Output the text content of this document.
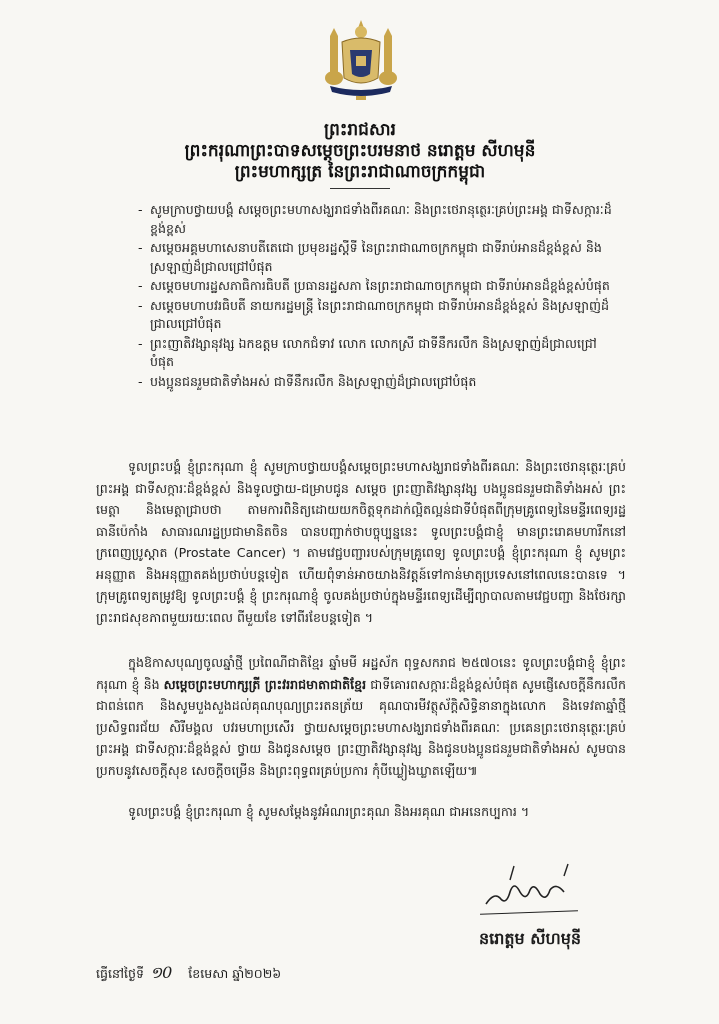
ព្រះរាជសារ
ព្រះករុណាព្រះបាទសម្តេចព្រះបរមនាថ នរោត្តម សីហមុនី
ព្រះមហាក្សត្រ នៃព្រះរាជាណាចក្រកម្ពុជា
- សូមក្រាបថ្វាយបង្គំ សម្តេចព្រះមហាសង្ឃរាជទាំងពីរគណៈ និងព្រះថេរានុត្ថេរៈគ្រប់ព្រះអង្គ ជាទីសក្ការៈដ៏ខ្ពង់ខ្ពស់
- សម្តេចអគ្គមហាសេនាបតីតេជោ ប្រមុខរដ្ឋស្តីទី នៃព្រះរាជាណាចក្រកម្ពុជា ជាទីរាប់អានដ៏ខ្ពង់ខ្ពស់ និងស្រឡាញ់ដ៏ជ្រាលជ្រៅបំផុត
- សម្តេចមហារដ្ឋសភាធិការធិបតី ប្រធានរដ្ឋសភា នៃព្រះរាជាណាចក្រកម្ពុជា ជាទីរាប់អានដ៏ខ្ពង់ខ្ពស់បំផុត
- សម្តេចមហាបវរធិបតី នាយករដ្ឋមន្ត្រី នៃព្រះរាជាណាចក្រកម្ពុជា ជាទីរាប់អានដ៏ខ្ពង់ខ្ពស់ និងស្រឡាញ់ដ៏ជ្រាលជ្រៅបំផុត
- ព្រះញាតិវង្សានុវង្ស ឯកឧត្តម លោកជំទាវ លោក លោកស្រី ជាទីនឹករលឹក និងស្រឡាញ់ដ៏ជ្រាលជ្រៅបំផុត
- បងប្អូនជនរួមជាតិទាំងអស់ ជាទីនឹករលឹក និងស្រឡាញ់ដ៏ជ្រាលជ្រៅបំផុត
ទូលព្រះបង្គំ ខ្ញុំព្រះករុណា ខ្ញុំ សូមក្រាបថ្វាយបង្គំសម្តេចព្រះមហាសង្ឃរាជទាំងពីរគណៈ និងព្រះថេរានុត្ថេរៈគ្រប់ព្រះអង្គ ជាទីសក្ការៈដ៏ខ្ពង់ខ្ពស់ និងទូលថ្វាយ-ជម្រាបជូន សម្តេច ព្រះញាតិវង្សានុវង្ស បងប្អូនជនរួមជាតិទាំងអស់ ព្រះមេត្តា និងមេត្តាជ្រាបថា តាមការពិនិត្យដោយយកចិត្តទុកដាក់ល្អិតល្អន់ជាទីបំផុតពីក្រុមគ្រូពេទ្យនៃមន្ទីរពេទ្យរដ្ឋធានីប៉េកាំង សាធារណរដ្ឋប្រជាមានិតចិន បានបញ្ជាក់ថាបច្ចុប្បន្ននេះ ទូលព្រះបង្គំជាខ្ញុំ មានព្រះរោគមហារីកនៅក្រពេញប្រូស្តាត (Prostate Cancer) ។ តាមវេជ្ជបញ្ជារបស់ក្រុមគ្រូពេទ្យ ទូលព្រះបង្គំ ខ្ញុំព្រះករុណា ខ្ញុំ សូមព្រះអនុញ្ញាត និងអនុញ្ញាតគង់ប្រថាប់បន្តទៀត ហើយពុំទាន់អាចយាងនិវត្តន៍ទៅកាន់មាតុប្រទេសនៅពេលនេះបានទេ ។ ក្រុមគ្រូពេទ្យតម្រូវឱ្យ ទូលព្រះបង្គំ ខ្ញុំ ព្រះករុណាខ្ញុំ ចូលគង់ប្រថាប់ក្នុងមន្ទីរពេទ្យដើម្បីព្យាបាលតាមវេជ្ជបញ្ជា និងថែរក្សាព្រះរាជសុខភាពមួយរយៈពេល ពីមួយខែ ទៅពីរខែបន្តទៀត ។
ក្នុងឱកាសបុណ្យចូលឆ្នាំថ្មី ប្រពៃណីជាតិខ្មែរ ឆ្នាំមមី អដ្ឋស័ក ពុទ្ធសករាជ ២៥៧០នេះ ទូលព្រះបង្គំជាខ្ញុំ ខ្ញុំព្រះករុណា ខ្ញុំ និង សម្តេចព្រះមហាក្សត្រី ព្រះវររាជមាតាជាតិខ្មែរ ជាទីគោរពសក្ការៈដ៏ខ្ពង់ខ្ពស់បំផុត សូមផ្ញើសេចក្តីនឹករលឹកជាពន់ពេក និងសូមបួងសួងដល់គុណបុណ្យព្រះរតនត្រ័យ គុណបារមីវត្ថុស័ក្តិសិទ្ធិនានាក្នុងលោក និងទេវតាឆ្នាំថ្មី ប្រសិទ្ធពរជ័យ សិរីមង្គល បវរមហាប្រសើរ ថ្វាយសម្តេចព្រះមហាសង្ឃរាជទាំងពីរគណៈ ប្រគេនព្រះថេរានុត្ថេរៈគ្រប់ព្រះអង្គ ជាទីសក្ការៈដ៏ខ្ពង់ខ្ពស់ ថ្វាយ និងជូនសម្តេច ព្រះញាតិវង្សានុវង្ស និងជូនបងប្អូនជនរួមជាតិទាំងអស់ សូមបានប្រកបនូវសេចក្តីសុខ សេចក្តីចម្រើន និងព្រះពុទ្ធពរគ្រប់ប្រការ កុំបីឃ្លៀងឃ្លាតឡើយ៕
ទូលព្រះបង្គំ ខ្ញុំព្រះករុណា ខ្ញុំ សូមសម្តែងនូវអំណរព្រះគុណ និងអរគុណ ជាអនេកប្បការ ។
នរោត្តម សីហមុនី
ធ្វើនៅថ្ងៃទី ១0 ខែមេសា ឆ្នាំ២០២៦
